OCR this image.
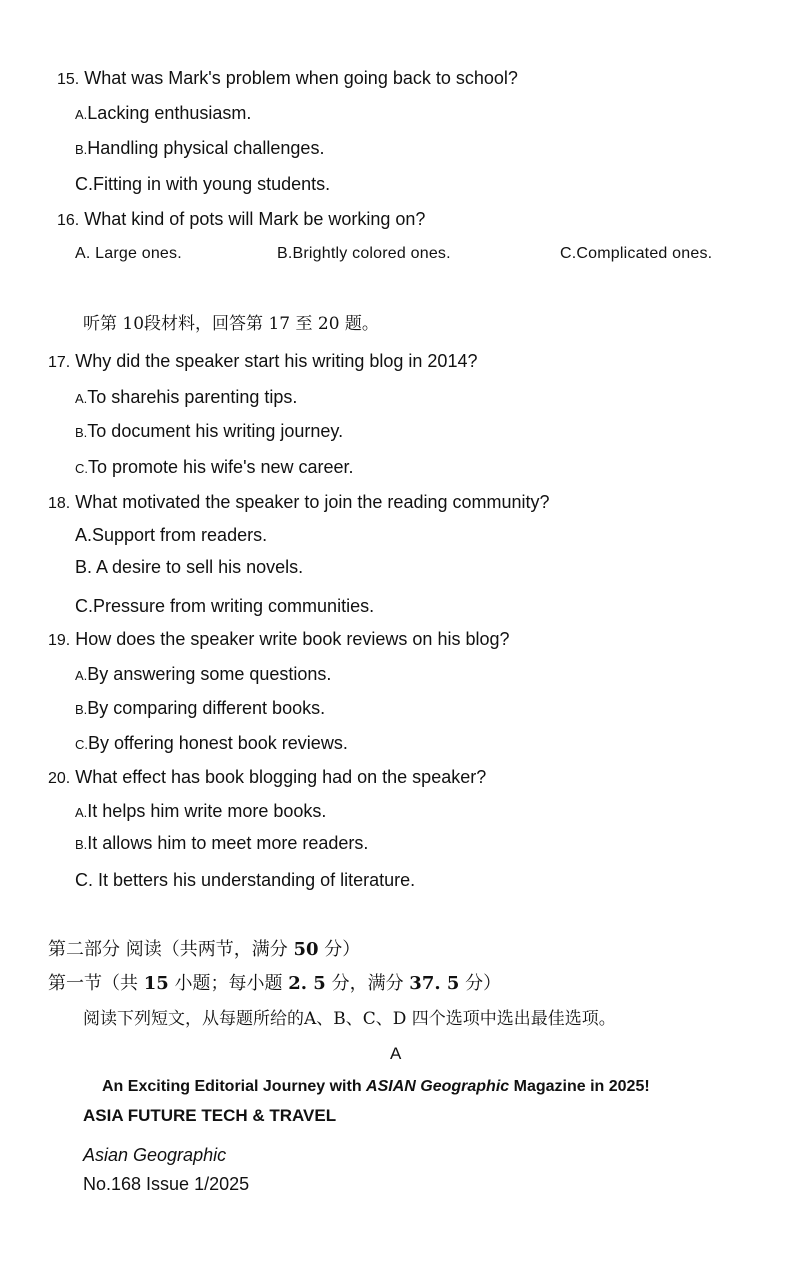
15. What was Mark's problem when going back to school?
A.Lacking enthusiasm.
B.Handling physical challenges.
C.Fitting in with young students.
16. What kind of pots will Mark be working on?
A. Large ones.	B.Brightly colored ones.	C.Complicated ones.
听第 10段材料，回答第 17 至 20 题。
17. Why did the speaker start his writing blog in 2014?
A.To sharehis parenting tips.
B.To document his writing journey.
C.To promote his wife's new career.
18. What motivated the speaker to join the reading community?
A.Support from readers.
B. A desire to sell his novels.
C.Pressure from writing communities.
19. How does the speaker write book reviews on his blog?
A.By answering some questions.
B.By comparing different books.
C.By offering honest book reviews.
20. What effect has book blogging had on the speaker?
A.It helps him write more books.
B.It allows him to meet more readers.
C. It betters his understanding of literature.
第二部分 阅读（共两节，满分 50 分）
第一节（共 15 小题；每小题 2. 5 分，满分 37. 5 分）
阅读下列短文，从每题所给的A、B、C、D 四个选项中选出最佳选项。
A
An Exciting Editorial Journey with ASIAN Geographic Magazine in 2025!
ASIA FUTURE TECH & TRAVEL
Asian Geographic
No.168 Issue 1/2025
